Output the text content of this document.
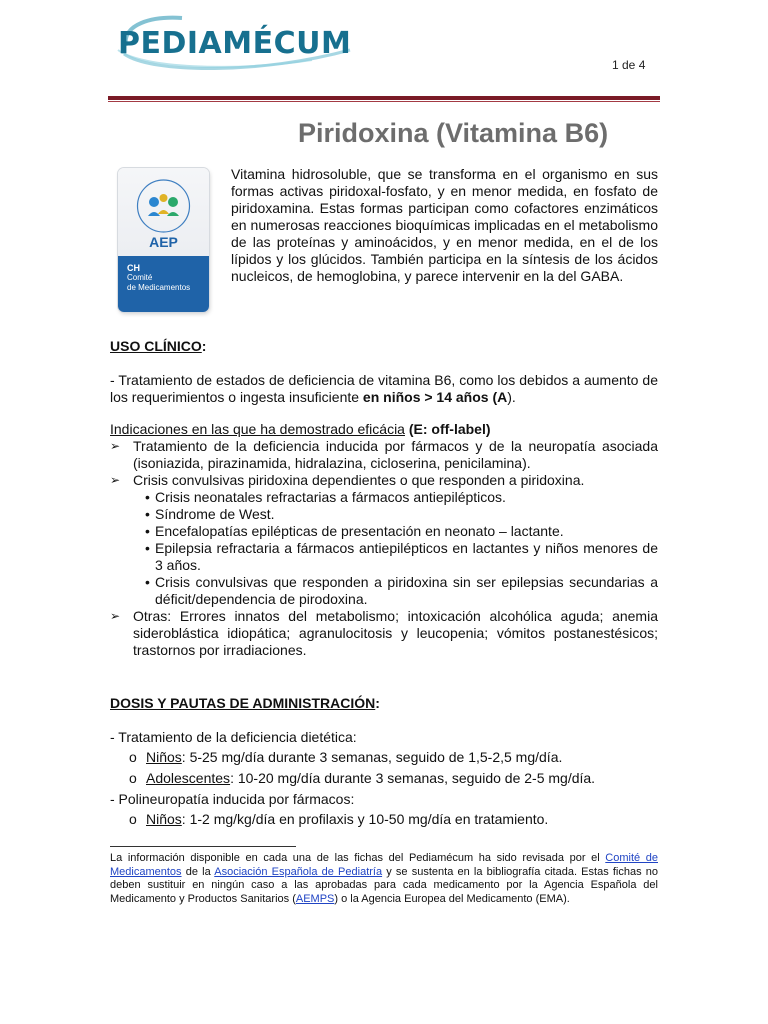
PEDIAMÉCUM
1 de 4
Piridoxina (Vitamina B6)
AEP
CH
Comité
de Medicamentos

Vitamina hidrosoluble, que se transforma en el organismo en sus formas activas piridoxal-fosfato, y en menor medida, en fosfato de piridoxamina. Estas formas participan como cofactores enzimáticos en numerosas reacciones bioquímicas implicadas en el metabolismo de las proteínas y aminoácidos, y en menor medida, en el de los lípidos y los glúcidos. También participa en la síntesis de los ácidos nucleicos, de hemoglobina, y parece intervenir en la del GABA.

USO CLÍNICO:

- Tratamiento de estados de deficiencia de vitamina B6, como los debidos a aumento de los requerimientos o ingesta insuficiente en niños > 14 años (A).

Indicaciones en las que ha demostrado eficácia (E: off-label)
➢ Tratamiento de la deficiencia inducida por fármacos y de la neuropatía asociada (isoniazida, pirazinamida, hidralazina, cicloserina, penicilamina).
➢ Crisis convulsivas piridoxina dependientes o que responden a piridoxina.
• Crisis neonatales refractarias a fármacos antiepilépticos.
• Síndrome de West.
• Encefalopatías epilépticas de presentación en neonato – lactante.
• Epilepsia refractaria a fármacos antiepilépticos en lactantes y niños menores de 3 años.
• Crisis convulsivas que responden a piridoxina sin ser epilepsias secundarias a déficit/dependencia de pirodoxina.
➢ Otras: Errores innatos del metabolismo; intoxicación alcohólica aguda; anemia sideroblástica idiopática; agranulocitosis y leucopenia; vómitos postanestésicos; trastornos por irradiaciones.
DOSIS Y PAUTAS DE ADMINISTRACIÓN:
- Tratamiento de la deficiencia dietética:
o Niños: 5-25 mg/día durante 3 semanas, seguido de 1,5-2,5 mg/día.
o Adolescentes: 10-20 mg/día durante 3 semanas, seguido de 2-5 mg/día.
- Polineuropatía inducida por fármacos:
o Niños: 1-2 mg/kg/día en profilaxis y 10-50 mg/día en tratamiento.

La información disponible en cada una de las fichas del Pediamécum ha sido revisada por el Comité de Medicamentos de la Asociación Española de Pediatría y se sustenta en la bibliografía citada. Estas fichas no deben sustituir en ningún caso a las aprobadas para cada medicamento por la Agencia Española del Medicamento y Productos Sanitarios (AEMPS) o la Agencia Europea del Medicamento (EMA).
